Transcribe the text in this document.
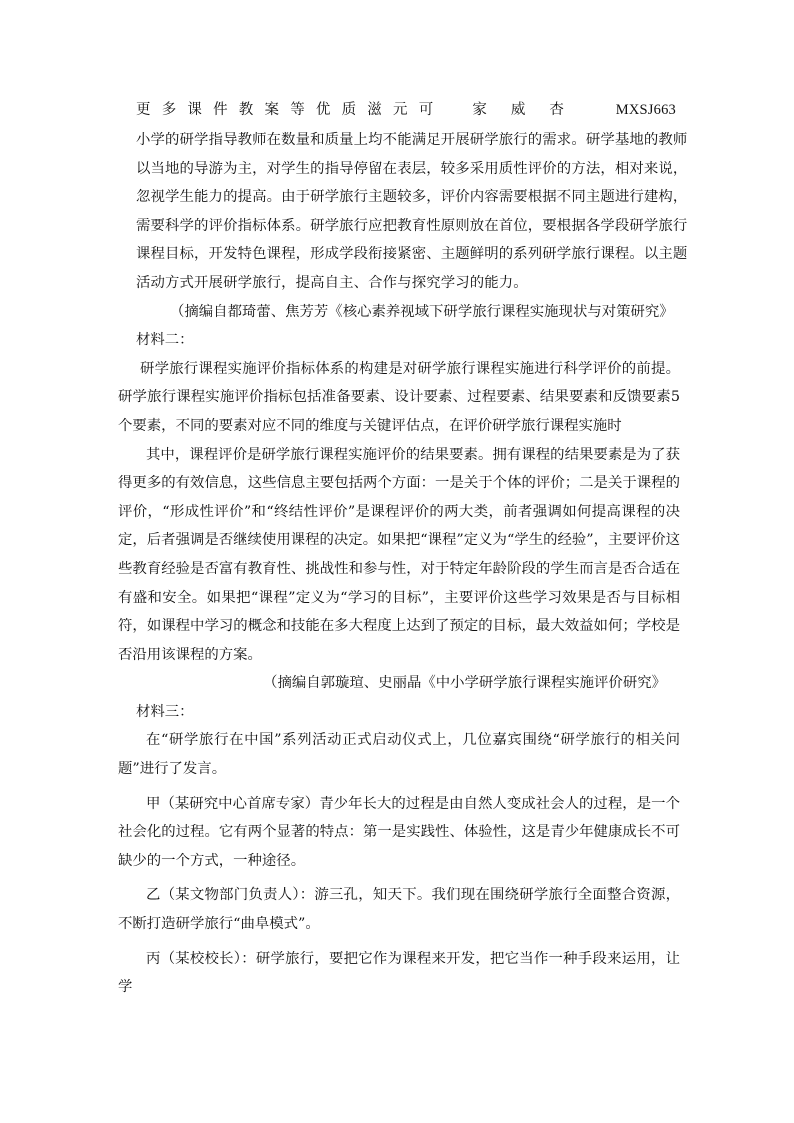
更多课件教案等优质滋元可 家威杏 MXSJ663
小学的研学指导教师在数量和质量上均不能满足开展研学旅行的需求。研学基地的教师
以当地的导游为主，对学生的指导停留在表层，较多采用质性评价的方法，相对来说，
忽视学生能力的提高。由于研学旅行主题较多，评价内容需要根据不同主题进行建构，
需要科学的评价指标体系。研学旅行应把教育性原则放在首位，要根据各学段研学旅行
课程目标，开发特色课程，形成学段衔接紧密、主题鲜明的系列研学旅行课程。以主题
活动方式开展研学旅行，提高自主、合作与探究学习的能力。

（摘编自都琦蕾、焦芳芳《核心素养视域下研学旅行课程实施现状与对策研究》

材料二：

研学旅行课程实施评价指标体系的构建是对研学旅行课程实施进行科学评价的前提。研学旅行课程实施评价指标包括准备要素、设计要素、过程要素、结果要素和反馈要素5个要素，不同的要素对应不同的维度与关键评估点，在评价研学旅行课程实施时

其中，课程评价是研学旅行课程实施评价的结果要素。拥有课程的结果要素是为了获得更多的有效信息，这些信息主要包括两个方面：一是关于个体的评价；二是关于课程的评价，“形成性评价”和“终结性评价”是课程评价的两大类，前者强调如何提高课程的决定，后者强调是否继续使用课程的决定。如果把“课程”定义为“学生的经验”，主要评价这些教育经验是否富有教育性、挑战性和参与性，对于特定年龄阶段的学生而言是否合适在有盛和安全。如果把“课程”定义为“学习的目标”，主要评价这些学习效果是否与目标相符，如课程中学习的概念和技能在多大程度上达到了预定的目标，最大效益如何；学校是否沿用该课程的方案。

（摘编自郭璇瑄、史丽晶《中小学研学旅行课程实施评价研究》

材料三：

在“研学旅行在中国”系列活动正式启动仪式上，几位嘉宾围绕“研学旅行的相关问题”进行了发言。

甲（某研究中心首席专家）青少年长大的过程是由自然人变成社会人的过程，是一个社会化的过程。它有两个显著的特点：第一是实践性、体验性，这是青少年健康成长不可缺少的一个方式，一种途径。

乙（某文物部门负责人）：游三孔，知天下。我们现在围绕研学旅行全面整合资源，不断打造研学旅行“曲阜模式”。

丙（某校校长）：研学旅行，要把它作为课程来开发，把它当作一种手段来运用，让学
